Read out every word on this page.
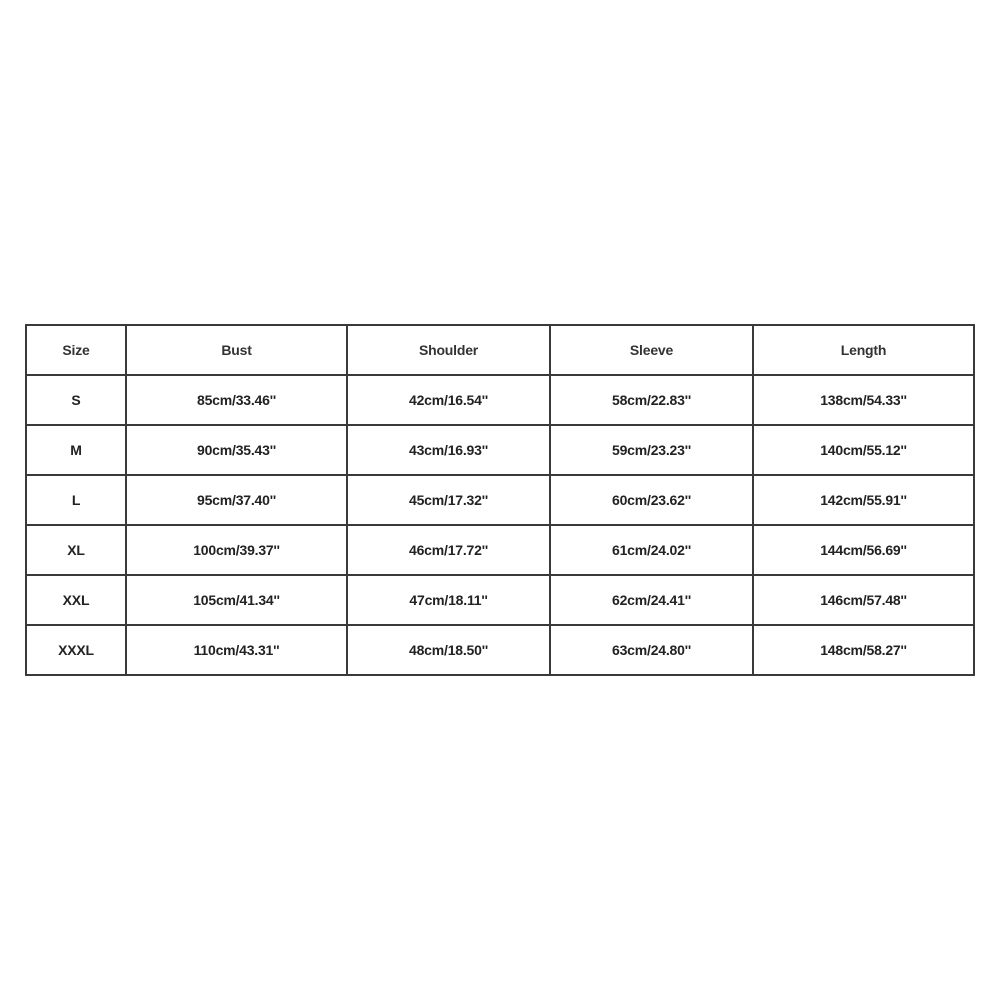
Size	Bust	Shoulder	Sleeve	Length
S	85cm/33.46''	42cm/16.54''	58cm/22.83''	138cm/54.33''
M	90cm/35.43''	43cm/16.93''	59cm/23.23''	140cm/55.12''
L	95cm/37.40''	45cm/17.32''	60cm/23.62''	142cm/55.91''
XL	100cm/39.37''	46cm/17.72''	61cm/24.02''	144cm/56.69''
XXL	105cm/41.34''	47cm/18.11''	62cm/24.41''	146cm/57.48''
XXXL	110cm/43.31''	48cm/18.50''	63cm/24.80''	148cm/58.27''
